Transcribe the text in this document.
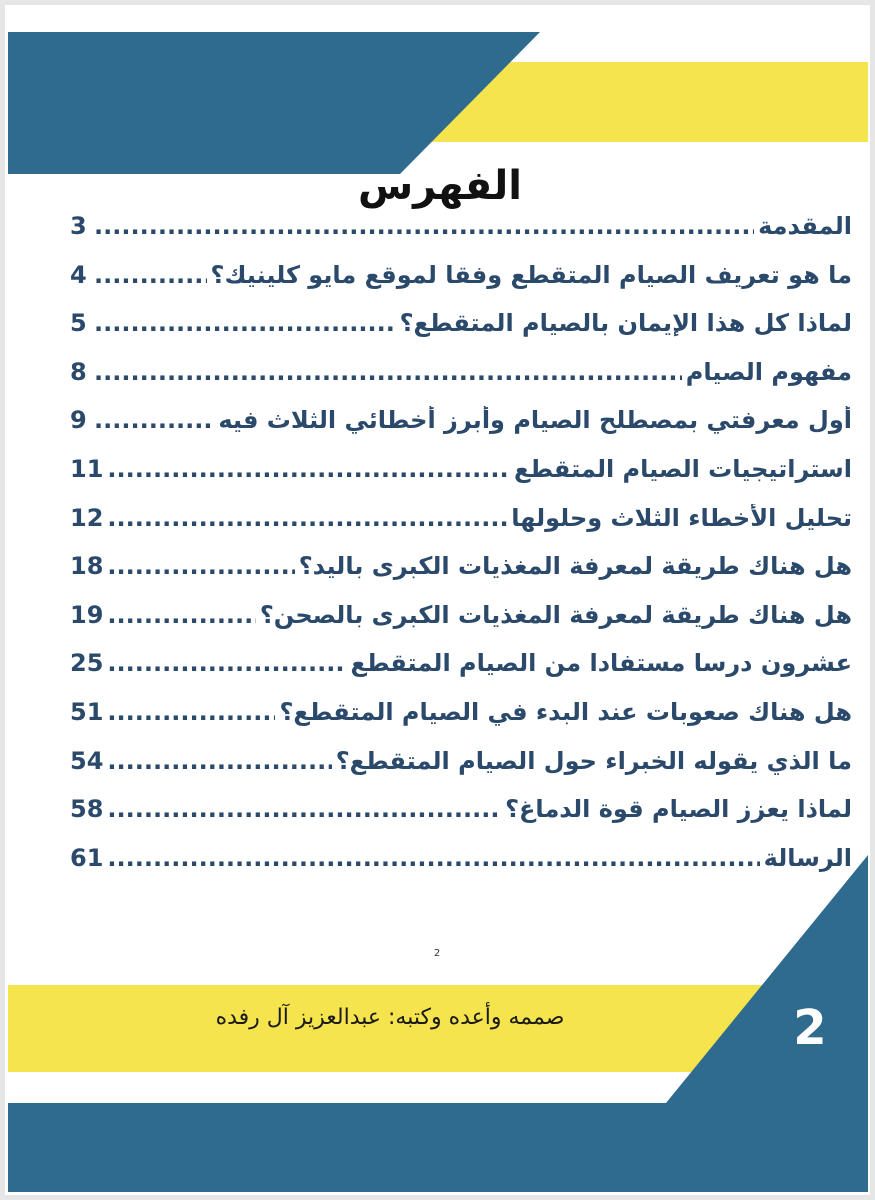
الفهرس
المقدمة
.....
3
ما هو تعريف الصيام المتقطع وفقا لموقع مايو كلينيك؟
.....
4
لماذا كل هذا الإيمان بالصيام المتقطع؟
.....
5
مفهوم الصيام
.....
8
أول معرفتي بمصطلح الصيام وأبرز أخطائي الثلاث فيه
.....
9
استراتيجيات الصيام المتقطع
.....
11
تحليل الأخطاء الثلاث وحلولها
.....
12
هل هناك طريقة لمعرفة المغذيات الكبرى باليد؟
.....
18
هل هناك طريقة لمعرفة المغذيات الكبرى بالصحن؟
.....
19
عشرون درسا مستفادا من الصيام المتقطع
.....
25
هل هناك صعوبات عند البدء في الصيام المتقطع؟
.....
51
ما الذي يقوله الخبراء حول الصيام المتقطع؟
.....
54
لماذا يعزز الصيام قوة الدماغ؟
.....
58
الرسالة
.....
61
2
صممه وأعده وكتبه: عبدالعزيز آل رفده	2
